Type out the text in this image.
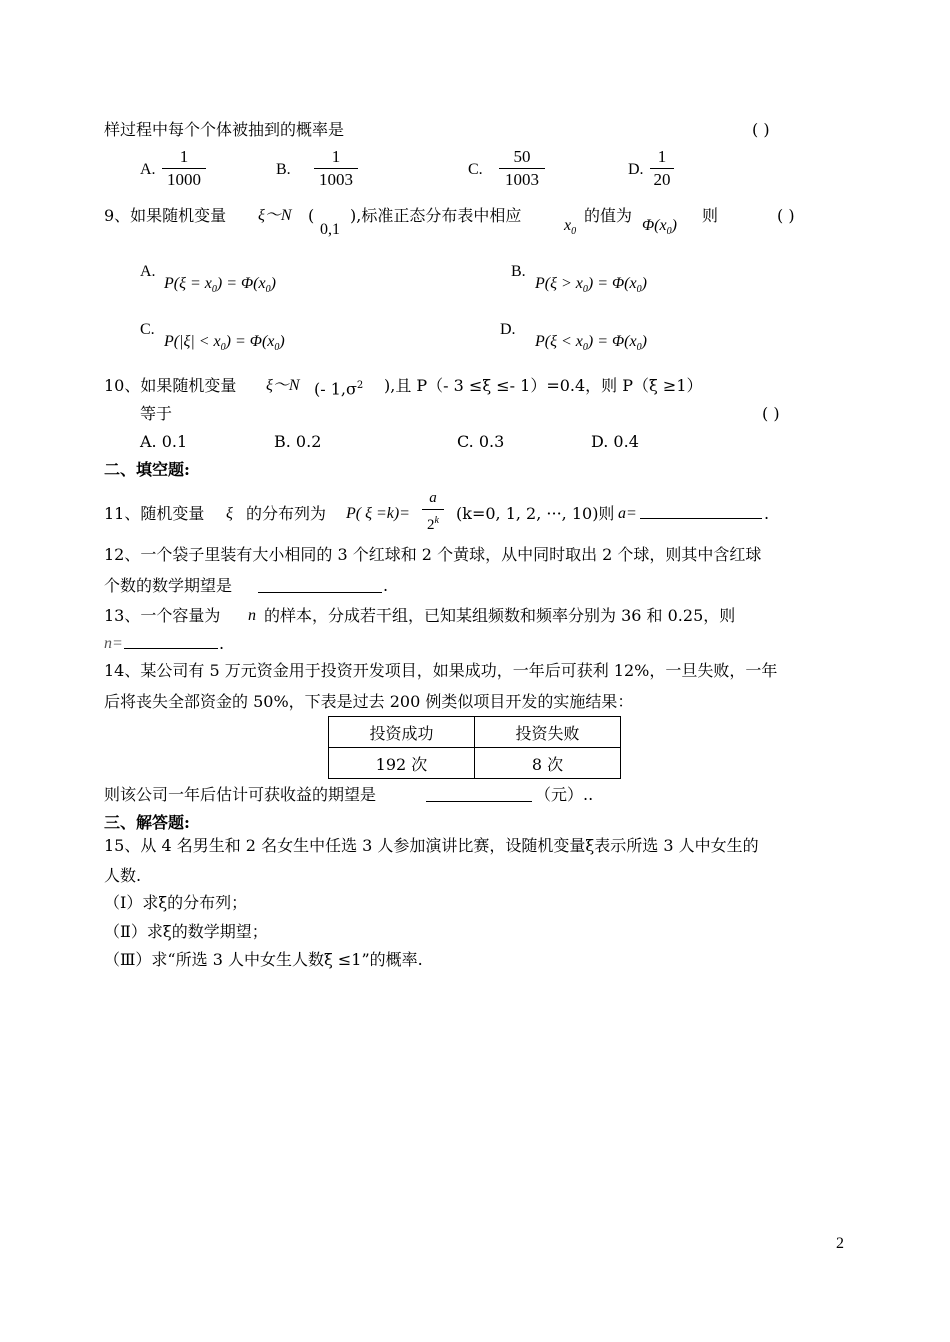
样过程中每个个体被抽到的概率是	( )
A.
1
1000
B.
1
1003
C.
50
1003
D.
1
20
9、如果随机变量 ξ～N (
0,1
),标准正态分布表中相应
$x_0$
的值为
$\Phi(x_0)$
则	( )
A.
$P(\xi = x_0) = \Phi(x_0)$
B.
$P(\xi > x_0) = \Phi(x_0)$
C.
$P(|\xi| < x_0) = \Phi(x_0)$
D.
$P(\xi < x_0) = \Phi(x_0)$
10、如果随机变量 ξ～N (- $1,\sigma^2$ ),且 P（- 3 ≤ξ ≤- 1）=0.4，则 P（ξ ≥1）
等于	( )
A. 0.1	B. 0.2	C. 0.3	D. 0.4
二、填空题:
11、随机变量 ξ 的分布列为 P( ξ =k)=
a
2$^k$	(k=0, 1, 2, ···, 10)则 a=	.
12、一个袋子里装有大小相同的 3 个红球和 2 个黄球，从中同时取出 2 个球，则其中含红球
个数的数学期望是	.
13、一个容量为 n 的样本，分成若干组，已知某组频数和频率分别为 36 和 0.25，则
n=	.
14、某公司有 5 万元资金用于投资开发项目，如果成功，一年后可获利 12%，一旦失败，一年
后将丧失全部资金的 50%，下表是过去 200 例类似项目开发的实施结果：
投资成功	投资失败
192 次	8 次
则该公司一年后估计可获收益的期望是	（元）..
三、解答题:
15、从 4 名男生和 2 名女生中任选 3 人参加演讲比赛，设随机变量ξ表示所选 3 人中女生的
人数.
（Ⅰ）求ξ的分布列；
（Ⅱ）求ξ的数学期望；
（Ⅲ）求“所选 3 人中女生人数ξ ≤1”的概率.
2
